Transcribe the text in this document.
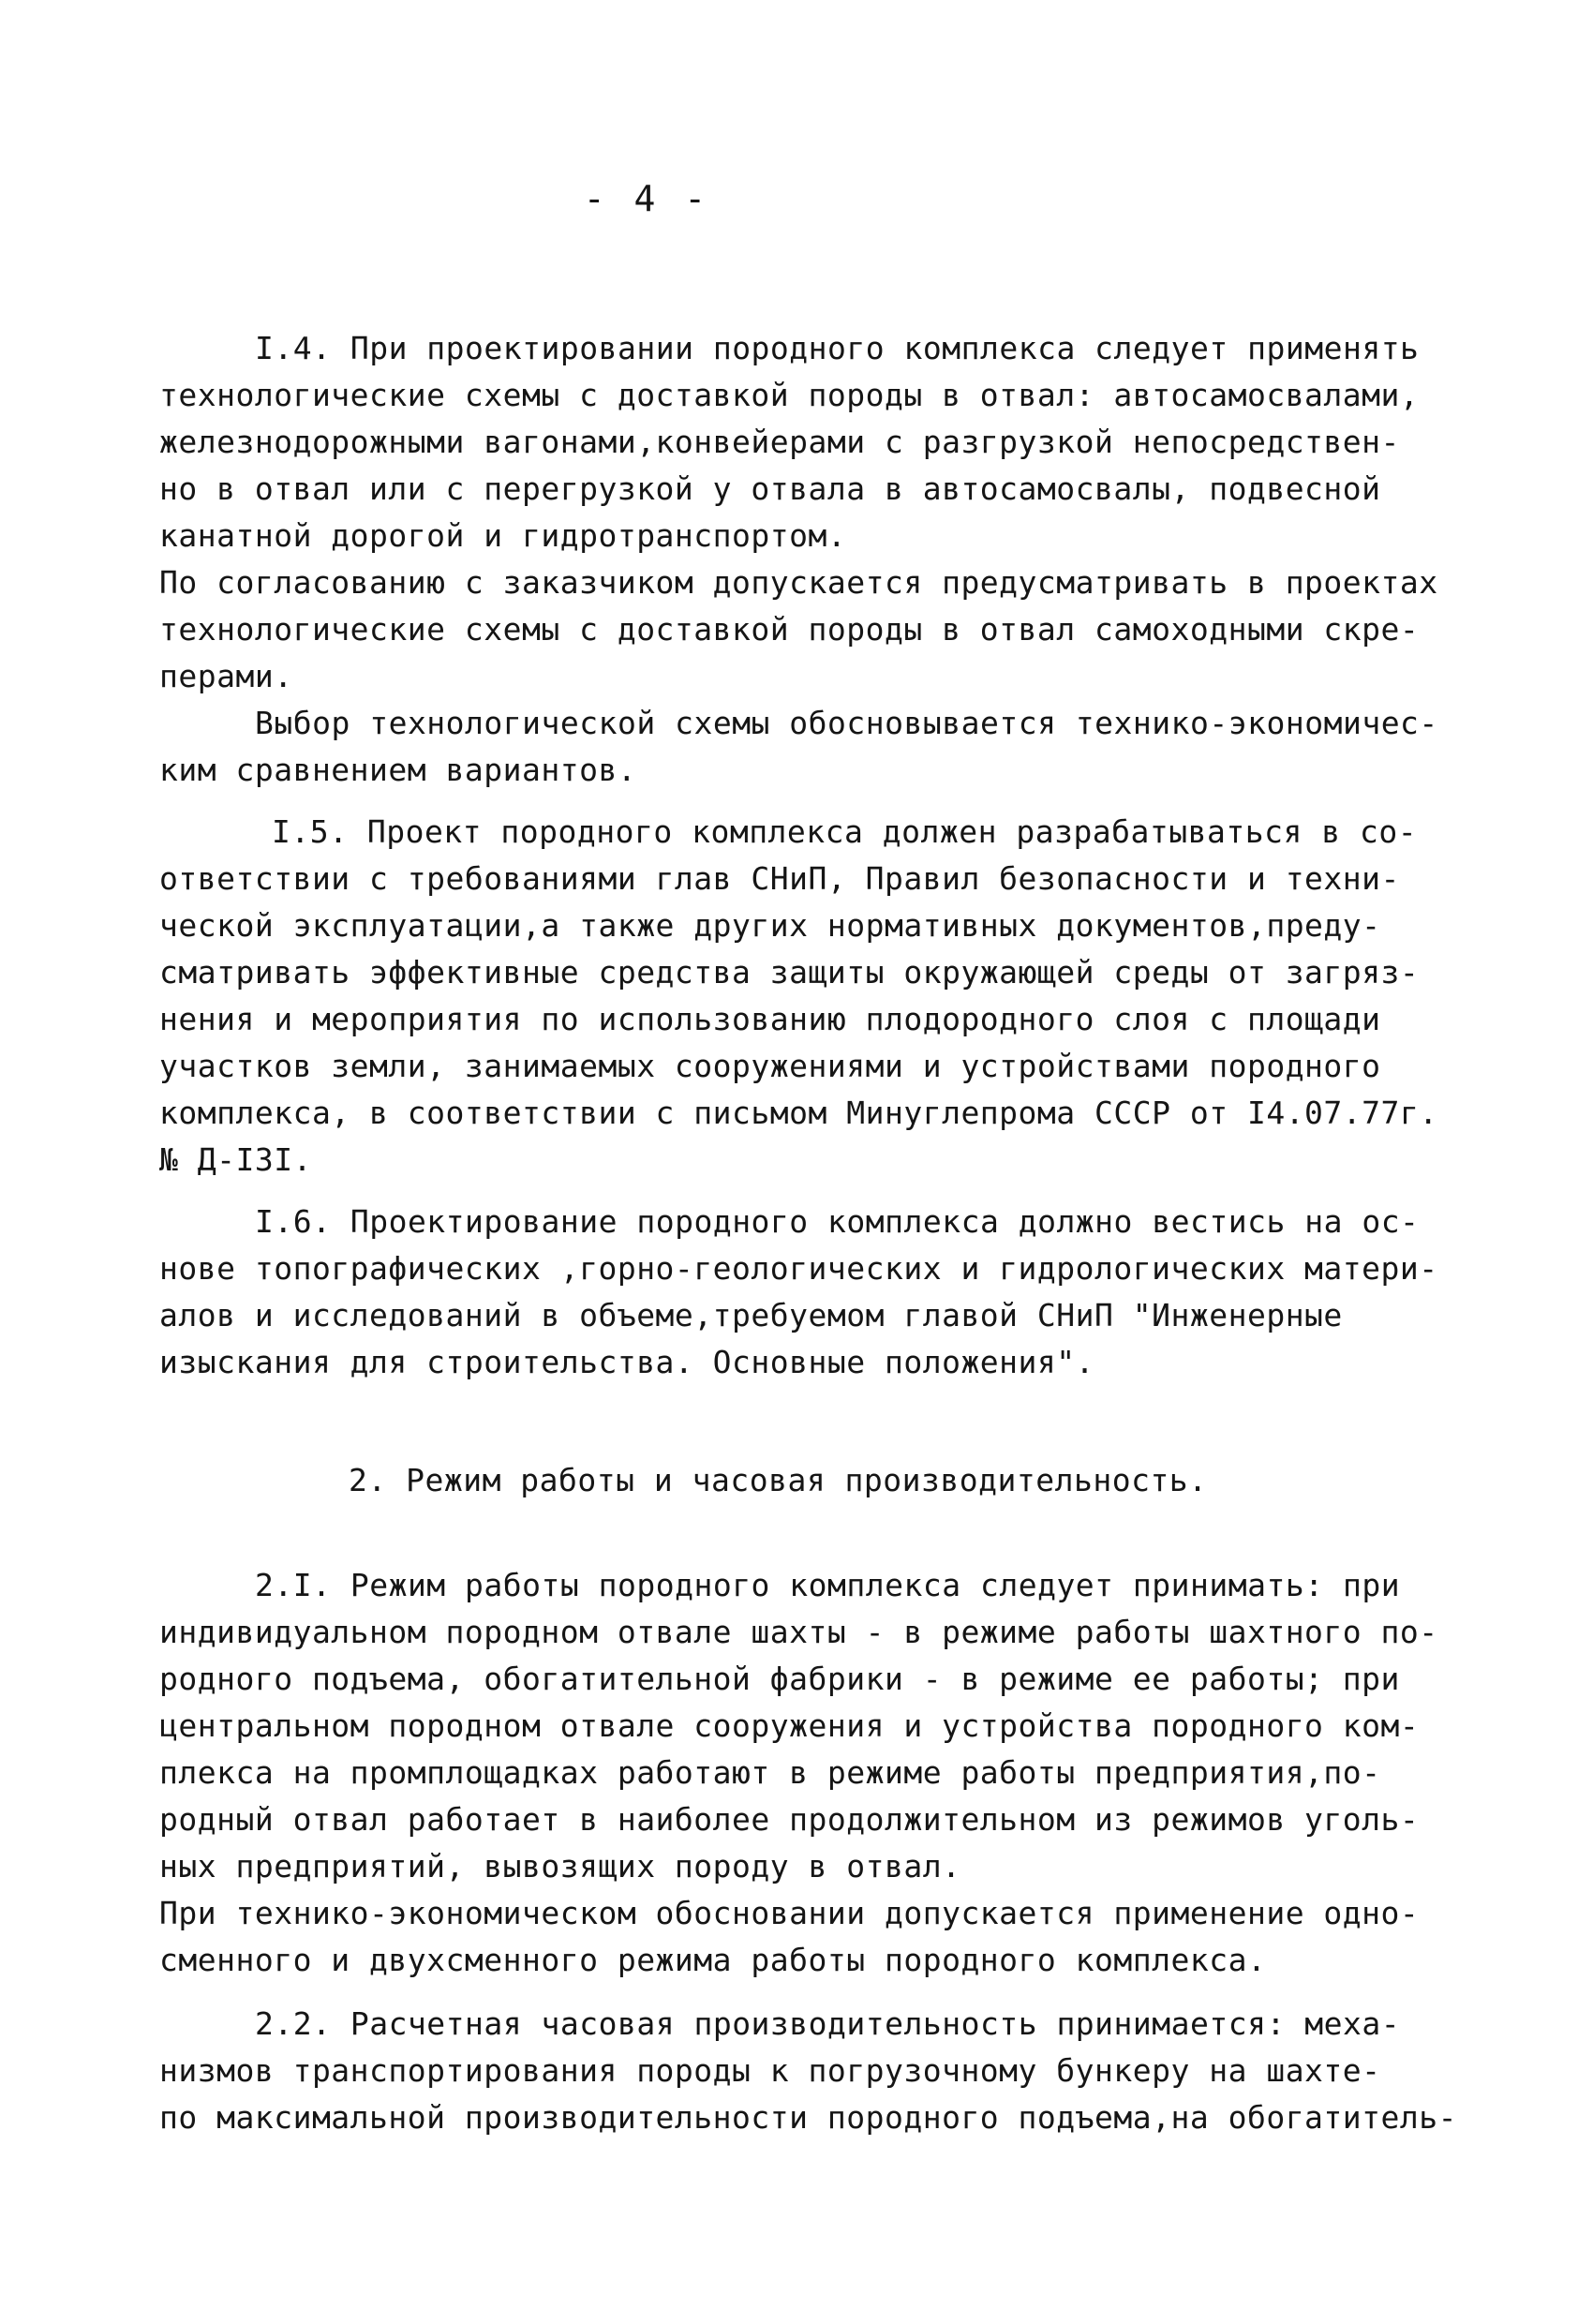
- 4 -
І.4. При проектировании породного комплекса следует применять
технологические схемы с доставкой породы в отвал: автосамосвалами,
железнодорожными вагонами,конвейерами с разгрузкой непосредствен-
но в отвал или с перегрузкой у отвала в автосамосвалы, подвесной
канатной дорогой и гидротранспортом.
По согласованию с заказчиком допускается предусматривать в проектах
технологические схемы с доставкой породы в отвал самоходными скре-
перами.
Выбор технологической схемы обосновывается технико-экономичес-
ким сравнением вариантов.
І.5. Проект породного комплекса должен разрабатываться в со-
ответствии с требованиями глав СНиП, Правил безопасности и техни-
ческой эксплуатации,а также других нормативных документов,преду-
сматривать эффективные средства защиты окружающей среды от загряз-
нения и мероприятия по использованию плодородного слоя с площади
участков земли, занимаемых сооружениями и устройствами породного
комплекса, в соответствии с письмом Минуглепрома СССР от І4.07.77г.
№ Д-І3І.
І.6. Проектирование породного комплекса должно вестись на ос-
нове топографических ,горно-геологических и гидрологических матери-
алов и исследований в объеме,требуемом главой СНиП "Инженерные
изыскания для строительства. Основные положения".
2. Режим работы и часовая производительность.
2.І. Режим работы породного комплекса следует принимать: при
индивидуальном породном отвале шахты - в режиме работы шахтного по-
родного подъема, обогатительной фабрики - в режиме ее работы; при
центральном породном отвале сооружения и устройства породного ком-
плекса на промплощадках работают в режиме работы предприятия,по-
родный отвал работает в наиболее продолжительном из режимов уголь-
ных предприятий, вывозящих породу в отвал.
При технико-экономическом обосновании допускается применение одно-
сменного и двухсменного режима работы породного комплекса.
2.2. Расчетная часовая производительность принимается: меха-
низмов транспортирования породы к погрузочному бункеру на шахте-
по максимальной производительности породного подъема,на обогатитель-
